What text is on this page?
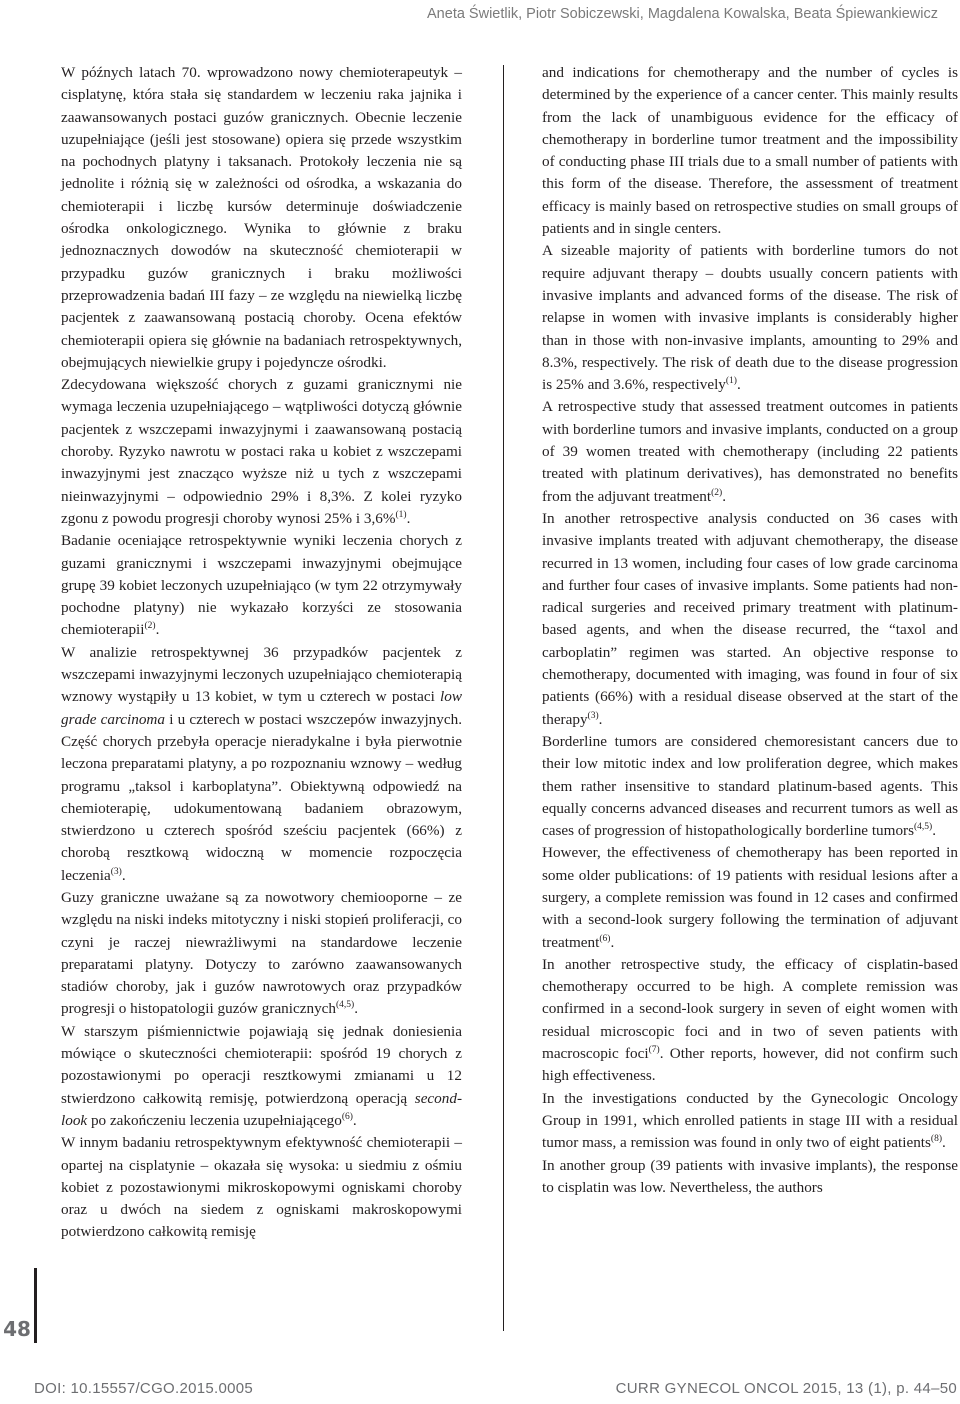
Aneta Świetlik, Piotr Sobiczewski, Magdalena Kowalska, Beata Śpiewankiewicz
48

W późnych latach 70. wprowadzono nowy chemioterapeutyk – cisplatynę, która stała się standardem w leczeniu raka jajnika i zaawansowanych postaci guzów granicznych. Obecnie leczenie uzupełniające (jeśli jest stosowane) opiera się przede wszystkim na pochodnych platyny i taksanach. Protokoły leczenia nie są jednolite i różnią się w zależności od ośrodka, a wskazania do chemioterapii i liczbę kursów determinuje doświadczenie ośrodka onkologicznego. Wynika to głównie z braku jednoznacznych dowodów na skuteczność chemioterapii w przypadku guzów granicznych i braku możliwości przeprowadzenia badań III fazy – ze względu na niewielką liczbę pacjentek z zaawansowaną postacią choroby. Ocena efektów chemioterapii opiera się głównie na badaniach retrospektywnych, obejmujących niewielkie grupy i pojedyncze ośrodki.

Zdecydowana większość chorych z guzami granicznymi nie wymaga leczenia uzupełniającego – wątpliwości dotyczą głównie pacjentek z wszczepami inwazyjnymi i zaawansowaną postacią choroby. Ryzyko nawrotu w postaci raka u kobiet z wszczepami inwazyjnymi jest znacząco wyższe niż u tych z wszczepami nieinwazyjnymi – odpowiednio 29% i 8,3%. Z kolei ryzyko zgonu z powodu progresji choroby wynosi 25% i 3,6%$^{(1)}$.

Badanie oceniające retrospektywnie wyniki leczenia chorych z guzami granicznymi i wszczepami inwazyjnymi obejmujące grupę 39 kobiet leczonych uzupełniająco (w tym 22 otrzymywały pochodne platyny) nie wykazało korzyści ze stosowania chemioterapii$^{(2)}$.

W analizie retrospektywnej 36 przypadków pacjentek z wszczepami inwazyjnymi leczonych uzupełniająco chemioterapią wznowy wystąpiły u 13 kobiet, w tym u czterech w postaci low grade carcinoma i u czterech w postaci wszczepów inwazyjnych. Część chorych przebyła operacje nieradykalne i była pierwotnie leczona preparatami platyny, a po rozpoznaniu wznowy – według programu „taksol i karboplatyna”. Obiektywną odpowiedź na chemioterapię, udokumentowaną badaniem obrazowym, stwierdzono u czterech spośród sześciu pacjentek (66%) z chorobą resztkową widoczną w momencie rozpoczęcia leczenia$^{(3)}$.

Guzy graniczne uważane są za nowotwory chemiooporne – ze względu na niski indeks mitotyczny i niski stopień proliferacji, co czyni je raczej niewrażliwymi na standardowe leczenie preparatami platyny. Dotyczy to zarówno zaawansowanych stadiów choroby, jak i guzów nawrotowych oraz przypadków progresji o histopatologii guzów granicznych$^{(4,5)}$.

W starszym piśmiennictwie pojawiają się jednak doniesienia mówiące o skuteczności chemioterapii: spośród 19 chorych z pozostawionymi po operacji resztkowymi zmianami u 12 stwierdzono całkowitą remisję, potwierdzoną operacją second-look po zakończeniu leczenia uzupełniającego$^{(6)}$.

W innym badaniu retrospektywnym efektywność chemioterapii – opartej na cisplatynie – okazała się wysoka: u siedmiu z ośmiu kobiet z pozostawionymi mikroskopowymi ogniskami choroby oraz u dwóch na siedem z ogniskami makroskopowymi potwierdzono całkowitą remisję

and indications for chemotherapy and the number of cycles is determined by the experience of a cancer center. This mainly results from the lack of unambiguous evidence for the efficacy of chemotherapy in borderline tumor treatment and the impossibility of conducting phase III trials due to a small number of patients with this form of the disease. Therefore, the assessment of treatment efficacy is mainly based on retrospective studies on small groups of patients and in single centers.

A sizeable majority of patients with borderline tumors do not require adjuvant therapy – doubts usually concern patients with invasive implants and advanced forms of the disease. The risk of relapse in women with invasive implants is considerably higher than in those with non-invasive implants, amounting to 29% and 8.3%, respectively. The risk of death due to the disease progression is 25% and 3.6%, respectively$^{(1)}$.

A retrospective study that assessed treatment outcomes in patients with borderline tumors and invasive implants, conducted on a group of 39 women treated with chemotherapy (including 22 patients treated with platinum derivatives), has demonstrated no benefits from the adjuvant treatment$^{(2)}$.

In another retrospective analysis conducted on 36 cases with invasive implants treated with adjuvant chemotherapy, the disease recurred in 13 women, including four cases of low grade carcinoma and further four cases of invasive implants. Some patients had non-radical surgeries and received primary treatment with platinum-based agents, and when the disease recurred, the “taxol and carboplatin” regimen was started. An objective response to chemotherapy, documented with imaging, was found in four of six patients (66%) with a residual disease observed at the start of the therapy$^{(3)}$.

Borderline tumors are considered chemoresistant cancers due to their low mitotic index and low proliferation degree, which makes them rather insensitive to standard platinum-based agents. This equally concerns advanced diseases and recurrent tumors as well as cases of progression of histopathologically borderline tumors$^{(4,5)}$.

However, the effectiveness of chemotherapy has been reported in some older publications: of 19 patients with residual lesions after a surgery, a complete remission was found in 12 cases and confirmed with a second-look surgery following the termination of adjuvant treatment$^{(6)}$.

In another retrospective study, the efficacy of cisplatin-based chemotherapy occurred to be high. A complete remission was confirmed in a second-look surgery in seven of eight women with residual microscopic foci and in two of seven patients with macroscopic foci$^{(7)}$. Other reports, however, did not confirm such high effectiveness.

In the investigations conducted by the Gynecologic Oncology Group in 1991, which enrolled patients in stage III with a residual tumor mass, a remission was found in only two of eight patients$^{(8)}$.

In another group (39 patients with invasive implants), the response to cisplatin was low. Nevertheless, the authors

DOI: 10.15557/CGO.2015.0005	CURR GYNECOL ONCOL 2015, 13 (1), p. 44–50
